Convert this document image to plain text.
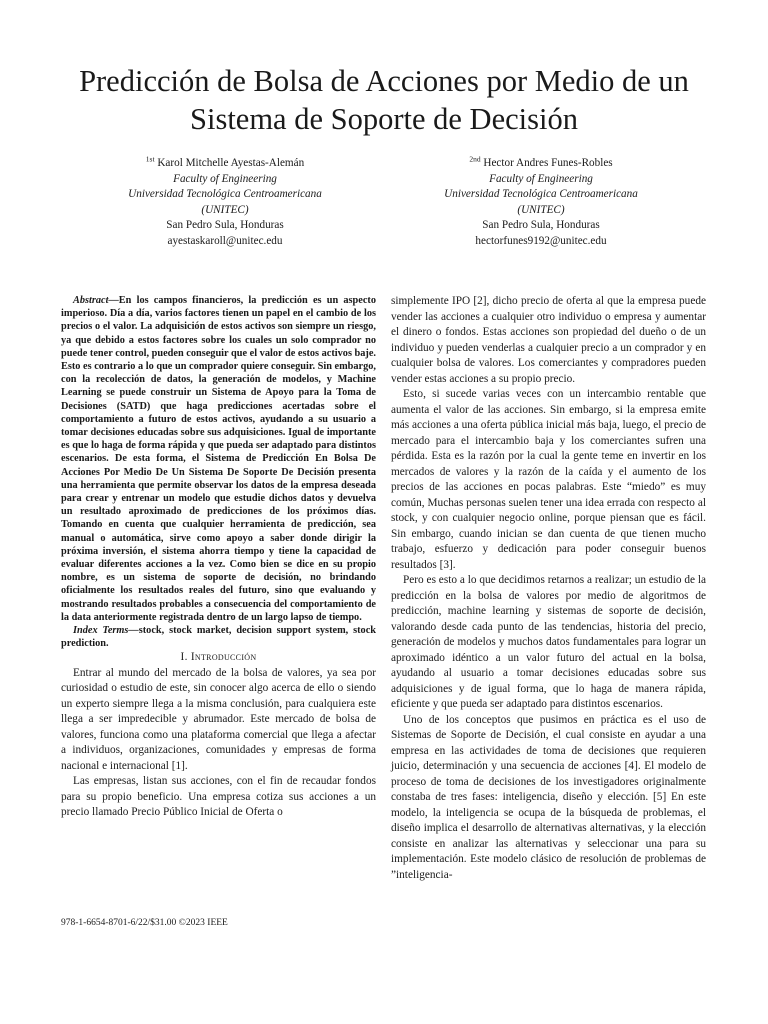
Predicción de Bolsa de Acciones por Medio de un Sistema de Soporte de Decisión
$^{1st}$ Karol Mitchelle Ayestas-Alemán
Faculty of Engineering
Universidad Tecnológica Centroamericana
(UNITEC)
San Pedro Sula, Honduras
ayestaskaroll@unitec.edu
$^{2nd}$ Hector Andres Funes-Robles
Faculty of Engineering
Universidad Tecnológica Centroamericana
(UNITEC)
San Pedro Sula, Honduras
hectorfunes9192@unitec.edu

Abstract—En los campos financieros, la predicción es un aspecto imperioso. Día a día, varios factores tienen un papel en el cambio de los precios o el valor. La adquisición de estos activos son siempre un riesgo, ya que debido a estos factores sobre los cuales un solo comprador no puede tener control, pueden conseguir que el valor de estos activos baje. Esto es contrario a lo que un comprador quiere conseguir. Sin embargo, con la recolección de datos, la generación de modelos, y Machine Learning se puede construir un Sistema de Apoyo para la Toma de Decisiones (SATD) que haga predicciones acertadas sobre el comportamiento a futuro de estos activos, ayudando a su usuario a tomar decisiones educadas sobre sus adquisiciones. Igual de importante es que lo haga de forma rápida y que pueda ser adaptado para distintos escenarios. De esta forma, el Sistema de Predicción En Bolsa De Acciones Por Medio De Un Sistema De Soporte De Decisión presenta una herramienta que permite observar los datos de la empresa deseada para crear y entrenar un modelo que estudie dichos datos y devuelva un resultado aproximado de predicciones de los próximos días. Tomando en cuenta que cualquier herramienta de predicción, sea manual o automática, sirve como apoyo a saber donde dirigir la próxima inversión, el sistema ahorra tiempo y tiene la capacidad de evaluar diferentes acciones a la vez. Como bien se dice en su propio nombre, es un sistema de soporte de decisión, no brindando oficialmente los resultados reales del futuro, sino que evaluando y mostrando resultados probables a consecuencia del comportamiento de la data anteriormente registrada dentro de un largo lapso de tiempo.

Index Terms—stock, stock market, decision support system, stock prediction.

I. Introducción

Entrar al mundo del mercado de la bolsa de valores, ya sea por curiosidad o estudio de este, sin conocer algo acerca de ello o siendo un experto siempre llega a la misma conclusión, para cualquiera este llega a ser impredecible y abrumador. Este mercado de bolsa de valores, funciona como una plataforma comercial que llega a afectar a individuos, organizaciones, comunidades y empresas de forma nacional e internacional [1].

Las empresas, listan sus acciones, con el fin de recaudar fondos para su propio beneficio. Una empresa cotiza sus acciones a un precio llamado Precio Público Inicial de Oferta o

simplemente IPO [2], dicho precio de oferta al que la empresa puede vender las acciones a cualquier otro individuo o empresa y aumentar el dinero o fondos. Estas acciones son propiedad del dueño o de un individuo y pueden venderlas a cualquier precio a un comprador y en cualquier bolsa de valores. Los comerciantes y compradores pueden vender estas acciones a su propio precio.

Esto, si sucede varias veces con un intercambio rentable que aumenta el valor de las acciones. Sin embargo, si la empresa emite más acciones a una oferta pública inicial más baja, luego, el precio de mercado para el intercambio baja y los comerciantes sufren una pérdida. Esta es la razón por la cual la gente teme en invertir en los mercados de valores y la razón de la caída y el aumento de los precios de las acciones en pocas palabras. Este “miedo” es muy común, Muchas personas suelen tener una idea errada con respecto al stock, y con cualquier negocio online, porque piensan que es fácil. Sin embargo, cuando inician se dan cuenta de que tienen mucho trabajo, esfuerzo y dedicación para poder conseguir buenos resultados [3].

Pero es esto a lo que decidimos retarnos a realizar; un estudio de la predicción en la bolsa de valores por medio de algoritmos de predicción, machine learning y sistemas de soporte de decisión, valorando desde cada punto de las tendencias, historia del precio, generación de modelos y muchos datos fundamentales para lograr un aproximado idéntico a un valor futuro del actual en la bolsa, ayudando al usuario a tomar decisiones educadas sobre sus adquisiciones y de igual forma, que lo haga de manera rápida, eficiente y que pueda ser adaptado para distintos escenarios.

Uno de los conceptos que pusimos en práctica es el uso de Sistemas de Soporte de Decisión, el cual consiste en ayudar a una empresa en las actividades de toma de decisiones que requieren juicio, determinación y una secuencia de acciones [4]. El modelo de proceso de toma de decisiones de los investigadores originalmente constaba de tres fases: inteligencia, diseño y elección. [5] En este modelo, la inteligencia se ocupa de la búsqueda de problemas, el diseño implica el desarrollo de alternativas alternativas, y la elección consiste en analizar las alternativas y seleccionar una para su implementación. Este modelo clásico de resolución de problemas de ”inteligencia-

978-1-6654-8701-6/22/$31.00 ©2023 IEEE
